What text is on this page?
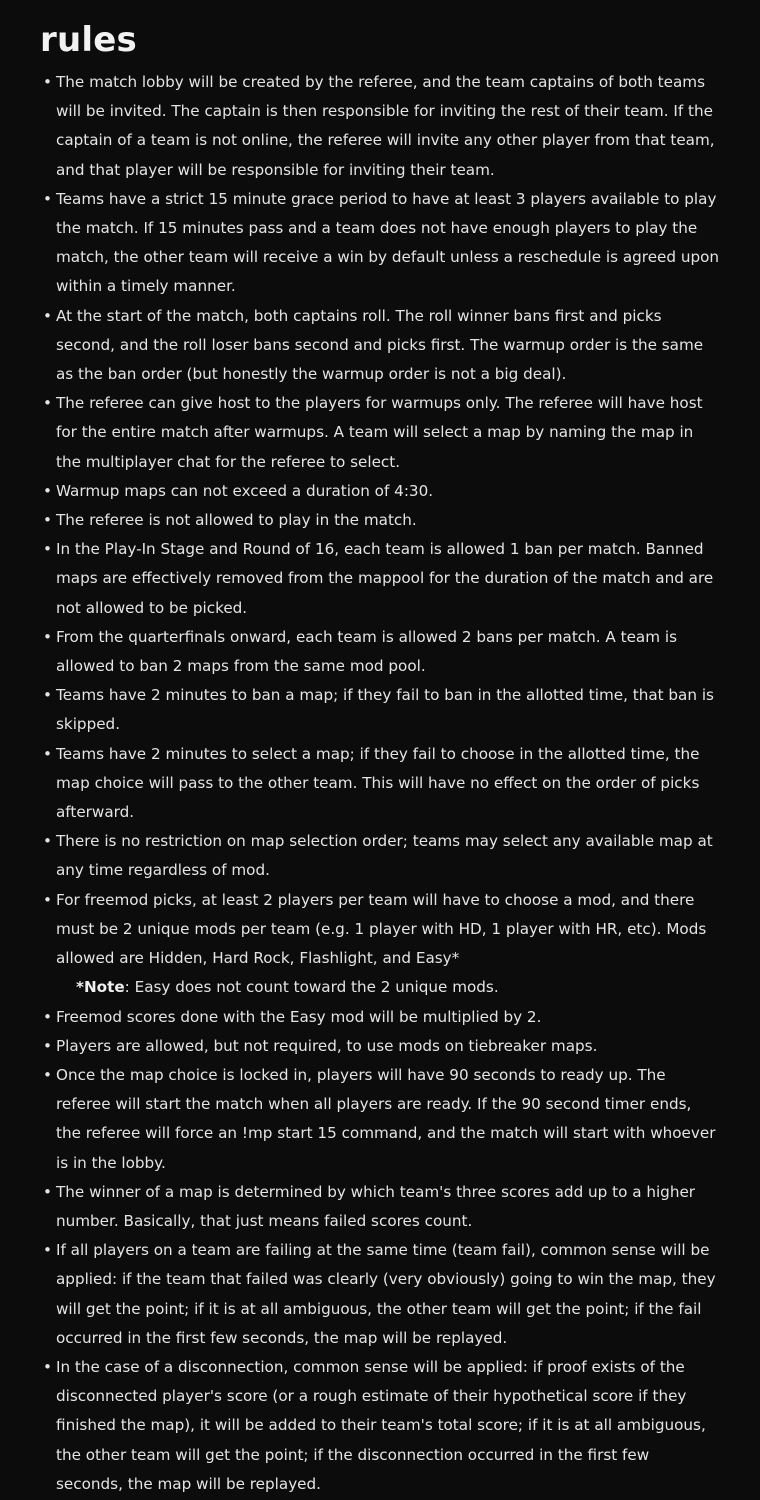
rules
• The match lobby will be created by the referee, and the team captains of both teams will be invited. The captain is then responsible for inviting the rest of their team. If the captain of a team is not online, the referee will invite any other player from that team, and that player will be responsible for inviting their team.
• Teams have a strict 15 minute grace period to have at least 3 players available to play the match. If 15 minutes pass and a team does not have enough players to play the match, the other team will receive a win by default unless a reschedule is agreed upon within a timely manner.
• At the start of the match, both captains roll. The roll winner bans first and picks second, and the roll loser bans second and picks first. The warmup order is the same as the ban order (but honestly the warmup order is not a big deal).
• The referee can give host to the players for warmups only. The referee will have host for the entire match after warmups. A team will select a map by naming the map in the multiplayer chat for the referee to select.
• Warmup maps can not exceed a duration of 4:30.
• The referee is not allowed to play in the match.
• In the Play-In Stage and Round of 16, each team is allowed 1 ban per match. Banned maps are effectively removed from the mappool for the duration of the match and are not allowed to be picked.
• From the quarterfinals onward, each team is allowed 2 bans per match. A team is allowed to ban 2 maps from the same mod pool.
• Teams have 2 minutes to ban a map; if they fail to ban in the allotted time, that ban is skipped.
• Teams have 2 minutes to select a map; if they fail to choose in the allotted time, the map choice will pass to the other team. This will have no effect on the order of picks afterward.
• There is no restriction on map selection order; teams may select any available map at any time regardless of mod.
• For freemod picks, at least 2 players per team will have to choose a mod, and there must be 2 unique mods per team (e.g. 1 player with HD, 1 player with HR, etc). Mods allowed are Hidden, Hard Rock, Flashlight, and Easy*
*Note: Easy does not count toward the 2 unique mods.
• Freemod scores done with the Easy mod will be multiplied by 2.
• Players are allowed, but not required, to use mods on tiebreaker maps.
• Once the map choice is locked in, players will have 90 seconds to ready up. The referee will start the match when all players are ready. If the 90 second timer ends, the referee will force an !mp start 15 command, and the match will start with whoever is in the lobby.
• The winner of a map is determined by which team's three scores add up to a higher number. Basically, that just means failed scores count.
• If all players on a team are failing at the same time (team fail), common sense will be applied: if the team that failed was clearly (very obviously) going to win the map, they will get the point; if it is at all ambiguous, the other team will get the point; if the fail occurred in the first few seconds, the map will be replayed.
• In the case of a disconnection, common sense will be applied: if proof exists of the disconnected player's score (or a rough estimate of their hypothetical score if they finished the map), it will be added to their team's total score; if it is at all ambiguous, the other team will get the point; if the disconnection occurred in the first few seconds, the map will be replayed.
